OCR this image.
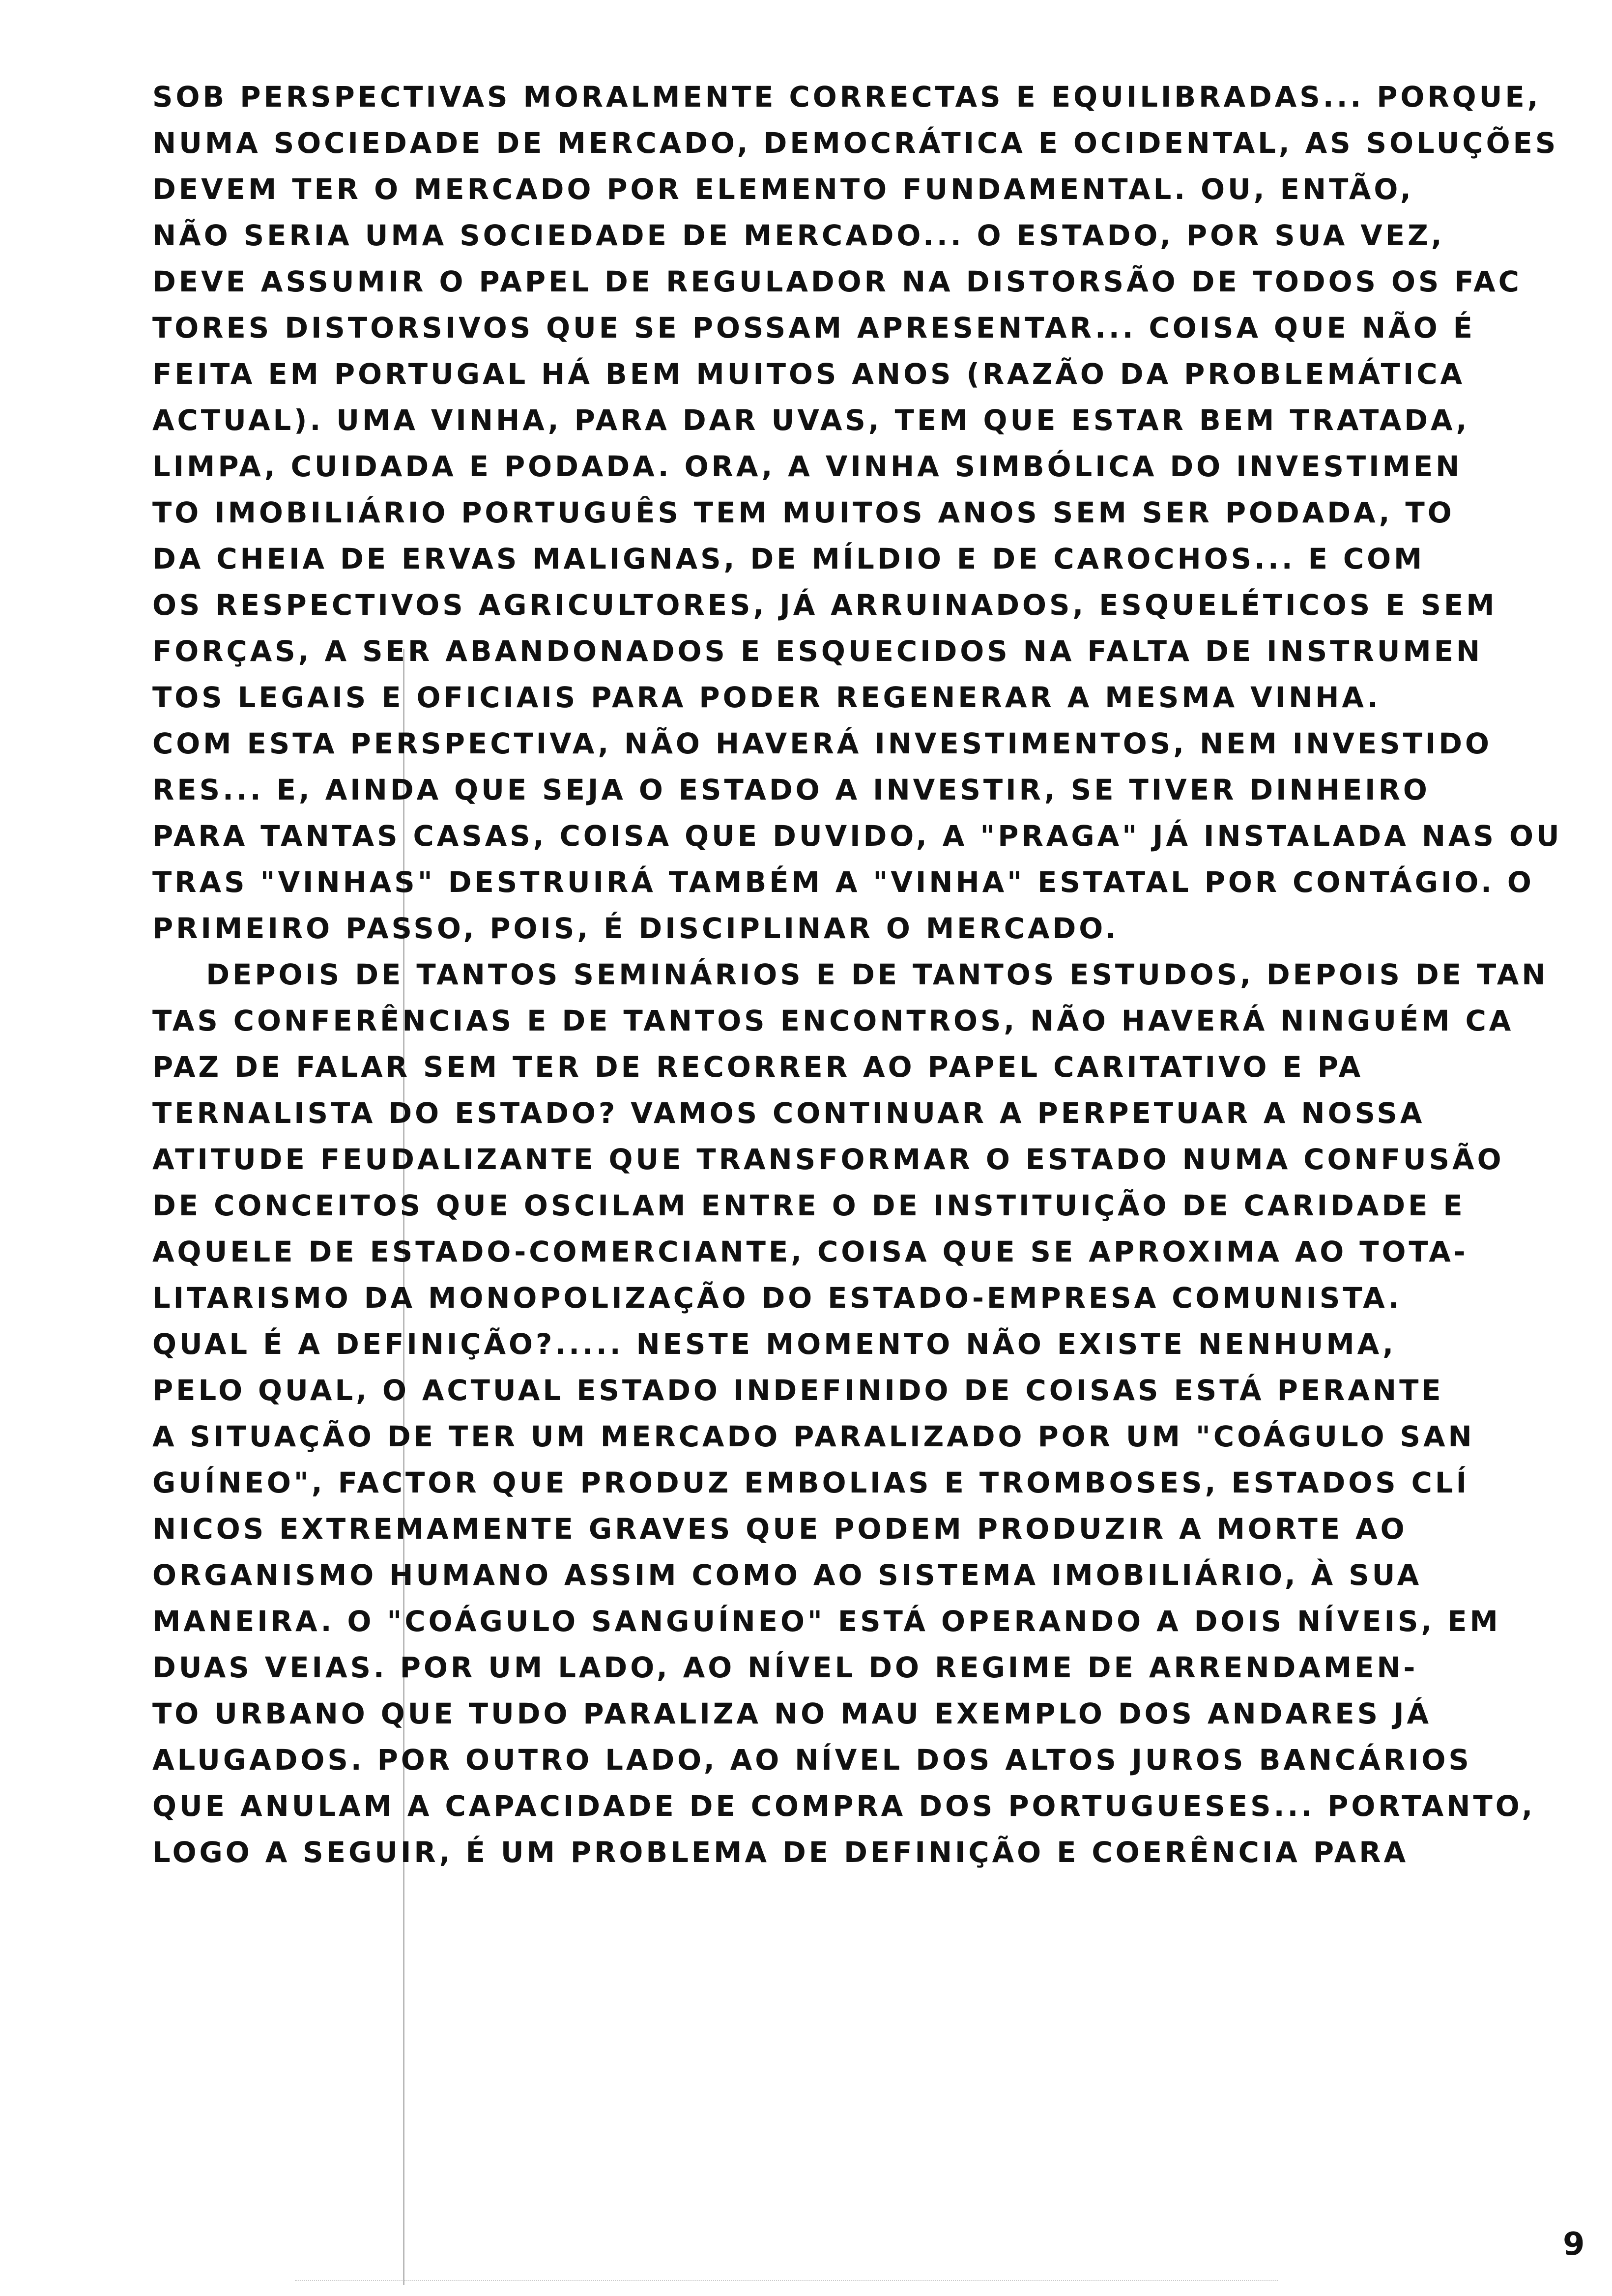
SOB PERSPECTIVAS MORALMENTE CORRECTAS E EQUILIBRADAS... PORQUE,
NUMA SOCIEDADE DE MERCADO, DEMOCRÁTICA E OCIDENTAL, AS SOLUÇÕES
DEVEM TER O MERCADO POR ELEMENTO FUNDAMENTAL. OU, ENTÃO,
NÃO SERIA UMA SOCIEDADE DE MERCADO... O ESTADO, POR SUA VEZ,
DEVE ASSUMIR O PAPEL DE REGULADOR NA DISTORSÃO DE TODOS OS FAC
TORES DISTORSIVOS QUE SE POSSAM APRESENTAR... COISA QUE NÃO É
FEITA EM PORTUGAL HÁ BEM MUITOS ANOS (RAZÃO DA PROBLEMÁTICA
ACTUAL). UMA VINHA, PARA DAR UVAS, TEM QUE ESTAR BEM TRATADA,
LIMPA, CUIDADA E PODADA. ORA, A VINHA SIMBÓLICA DO INVESTIMEN
TO IMOBILIÁRIO PORTUGUÊS TEM MUITOS ANOS SEM SER PODADA, TO
DA CHEIA DE ERVAS MALIGNAS, DE MÍLDIO E DE CAROCHOS... E COM
OS RESPECTIVOS AGRICULTORES, JÁ ARRUINADOS, ESQUELÉTICOS E SEM
FORÇAS, A SER ABANDONADOS E ESQUECIDOS NA FALTA DE INSTRUMEN
TOS LEGAIS E OFICIAIS PARA PODER REGENERAR A MESMA VINHA.
COM ESTA PERSPECTIVA, NÃO HAVERÁ INVESTIMENTOS, NEM INVESTIDO
RES... E, AINDA QUE SEJA O ESTADO A INVESTIR, SE TIVER DINHEIRO
PARA TANTAS CASAS, COISA QUE DUVIDO, A "PRAGA" JÁ INSTALADA NAS OU
TRAS "VINHAS" DESTRUIRÁ TAMBÉM A "VINHA" ESTATAL POR CONTÁGIO. O
PRIMEIRO PASSO, POIS, É DISCIPLINAR O MERCADO.
DEPOIS DE TANTOS SEMINÁRIOS E DE TANTOS ESTUDOS, DEPOIS DE TAN
TAS CONFERÊNCIAS E DE TANTOS ENCONTROS, NÃO HAVERÁ NINGUÉM CA
PAZ DE FALAR SEM TER DE RECORRER AO PAPEL CARITATIVO E PA
TERNALISTA DO ESTADO? VAMOS CONTINUAR A PERPETUAR A NOSSA
ATITUDE FEUDALIZANTE QUE TRANSFORMAR O ESTADO NUMA CONFUSÃO
DE CONCEITOS QUE OSCILAM ENTRE O DE INSTITUIÇÃO DE CARIDADE E
AQUELE DE ESTADO-COMERCIANTE, COISA QUE SE APROXIMA AO TOTA-
LITARISMO DA MONOPOLIZAÇÃO DO ESTADO-EMPRESA COMUNISTA.
QUAL É A DEFINIÇÃO?..... NESTE MOMENTO NÃO EXISTE NENHUMA,
PELO QUAL, O ACTUAL ESTADO INDEFINIDO DE COISAS ESTÁ PERANTE
A SITUAÇÃO DE TER UM MERCADO PARALIZADO POR UM "COÁGULO SAN
GUÍNEO", FACTOR QUE PRODUZ EMBOLIAS E TROMBOSES, ESTADOS CLÍ
NICOS EXTREMAMENTE GRAVES QUE PODEM PRODUZIR A MORTE AO
ORGANISMO HUMANO ASSIM COMO AO SISTEMA IMOBILIÁRIO, À SUA
MANEIRA. O "COÁGULO SANGUÍNEO" ESTÁ OPERANDO A DOIS NÍVEIS, EM
DUAS VEIAS. POR UM LADO, AO NÍVEL DO REGIME DE ARRENDAMEN-
TO URBANO QUE TUDO PARALIZA NO MAU EXEMPLO DOS ANDARES JÁ
ALUGADOS. POR OUTRO LADO, AO NÍVEL DOS ALTOS JUROS BANCÁRIOS
QUE ANULAM A CAPACIDADE DE COMPRA DOS PORTUGUESES... PORTANTO,
LOGO A SEGUIR, É UM PROBLEMA DE DEFINIÇÃO E COERÊNCIA PARA
9
